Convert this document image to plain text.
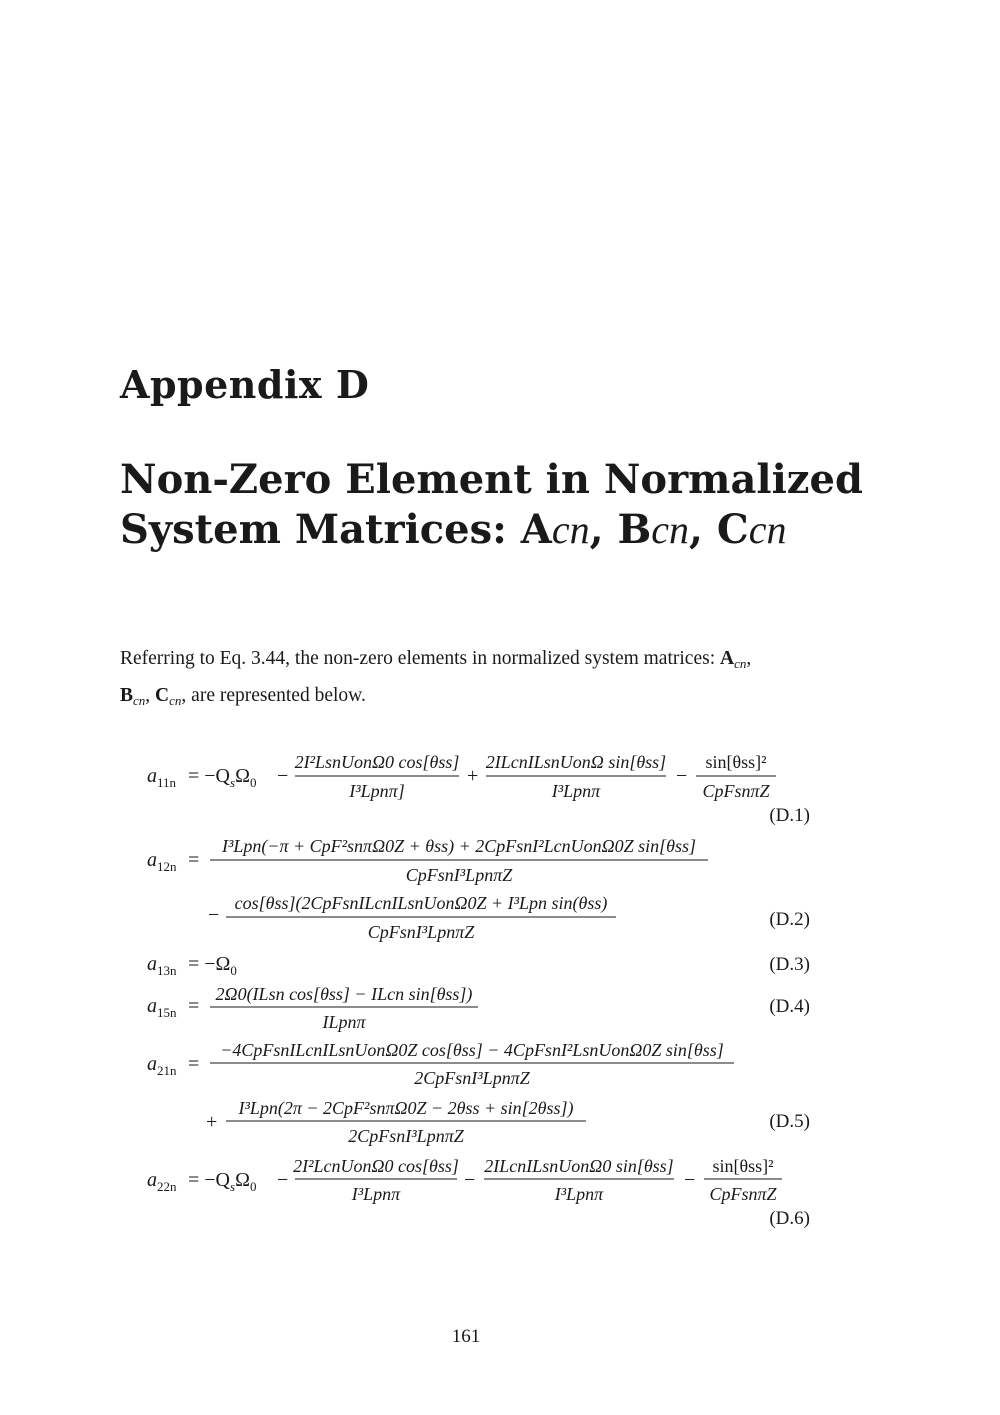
Appendix D
Non-Zero Element in Normalized
System Matrices: Acn, Bcn, Ccn
Referring to Eq. 3.44, the non-zero elements in normalized system matrices: $A_{cn}$,
$B_{cn}$, $C_{cn}$, are represented below.
$a_{11n} = -Q_s\Omega_0$ −
2I²LsnUonΩ0 cos[θss]
I³Lpnπ]
+
2ILcnILsnUonΩ sin[θss]
I³Lpnπ
−
sin[θss]²
CpFsnπZ
(D.1)
$a_{12n}$ =
I³Lpn(−π + CpF²snπΩ0Z + θss) + 2CpFsnI²LcnUonΩ0Z sin[θss]
CpFsnI³LpnπZ
−
cos[θss](2CpFsnILcnILsnUonΩ0Z + I³Lpn sin(θss)
CpFsnI³LpnπZ
(D.2)
$a_{13n} = -\Omega_0$	(D.3)
$a_{15n}$ =
2Ω0(ILsn cos[θss] − ILcn sin[θss])
ILpnπ
(D.4)
$a_{21n}$ =
−4CpFsnILcnILsnUonΩ0Z cos[θss] − 4CpFsnI²LsnUonΩ0Z sin[θss]
2CpFsnI³LpnπZ
+
I³Lpn(2π − 2CpF²snπΩ0Z − 2θss + sin[2θss])
2CpFsnI³LpnπZ
(D.5)
$a_{22n} = -Q_s\Omega_0$ −
2I²LcnUonΩ0 cos[θss]
I³Lpnπ
−
2ILcnILsnUonΩ0 sin[θss]
I³Lpnπ
−
sin[θss]²
CpFsnπZ
(D.6)
161
